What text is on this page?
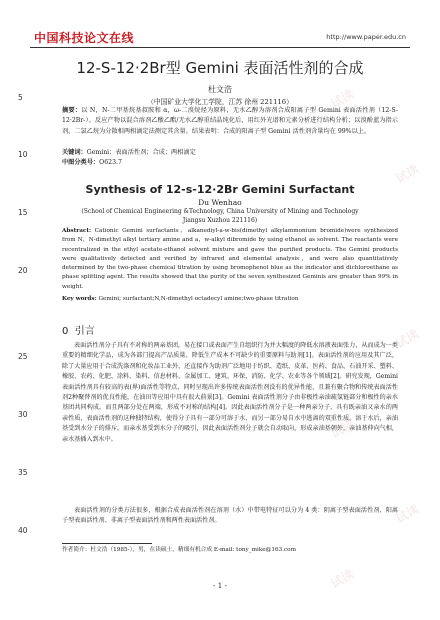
中国科技论文在线	http://www.paper.edu.cn
试读
试读
试读
试读
试读
试读
试读
5
10
15
20
25
30
35
40
12-S-12·2Br型 Gemini 表面活性剂的合成
杜文浩
（中国矿业大学化工学院，江苏 徐州 221116）

摘要：以 N，N-二甲基烷基叔胺和 α，ω-二溴烷烃为原料，无水乙醇为溶剂合成阳离子型 Gemini 表面活性剂（12-S-12·2Br-）。反应产物以混合溶剂乙酸乙酯/无水乙醇重结晶纯化后，用红外光谱和元素分析进行结构分析；以溴酚蓝为指示剂，二氯乙烷为分散相两相滴定法测定其含量。结果表明：合成的阳离子型 Gemini 活性剂含量均在 99%以上。

关键词：Gemini；表面活性剂；合成；两相滴定

中图分类号：O623.7

Synthesis of 12-s-12·2Br Gemini Surfactant
Du Wenhao
(School of Chemical Engineering &Technology, China University of Mining and Technology
Jiangsu Xuzhou 221116)

Abstract: Cationic Gemini surfactants，alkanediyl-a-w-bis(dimethyl alkylammonium bromide)were synthesized from N，N-dimethyl alkyl tertiary amine and a，w-alkyl dibromide by using ethanol as solvent. The reactants were recentralized in the ethyl acetate-ethanol solvent mixture and gave the purified products. The Gemini products were qualitatively detected and verified by infrared and elemental analysis，and were also quantitatively determined by the two-phase chemical titration by using bromophenol blue as the indicator and dichloroethane as phase splitting agent. The results showed that the purity of the seven synthesized Geminis are greater than 99% in weight.

Key words: Gemini; surfactant;N,N-dimethyl octadecyl amine;two-phase titration

0 引言

表面活性剂分子具有不对称的两亲基团，易在接口或表面产生自组织行为并大幅度的降低水溶液表面张力，从而成为一类重要的精细化学品，成为各部门提高产品质量、降低生产成本不可缺少的重要原料与助剂[1]。表面活性剂的应用及其广泛，除了大量应用于合成洗涤剂和化妆品工业外，还直接作为助剂广泛地用于纺织、造纸、皮革、医药、食品、石油开采、塑料、橡胶、农药、化肥、涂料、染料、信息材料、金属加工、建筑、环保、消防、化学、农业等各个领域[2]。研究发现，Gemini 表面活性剂具有较高的表(界)面活性等特点，同时呈现出许多传统表面活性剂没有的优异性能，且兼有聚合物和传统表面活性剂2种聚替剂的优良性能，在油田等应用中具有很大前景[3]。Gemini 表面活性剂分子由非极性亲油疏氢链部分和极性的亲水基团共同构成，而且两部分处在两端，形成不对称的结构[4]。因此表面活性剂分子是一种两亲分子，具有既亲油又亲水的两亲性质，表面活性剂的这种独特结构，使得分子具有一部分可溶于水，而另一部分易自水中逃离的双重性质。溶于水后，亲油基受到水分子的排斥，而亲水基受到水分子的吸引，因此表面活性剂分子就会自动取向，形成亲油基朝外，亲油基伸向气相，亲水基插入到水中。

表面活性剂的分类方法很多，根据合成表面活性剂在溶剂（水）中带电特征可以分为 4 类：阴离子型表面活性剂、阳离子型表面活性剂、非离子型表面活性剂和两性表面活性剂。

作者简介：杜文浩（1985-），男，在读硕士，精细有机合成 E-mail: tony_mike@163.com

- 1 -
